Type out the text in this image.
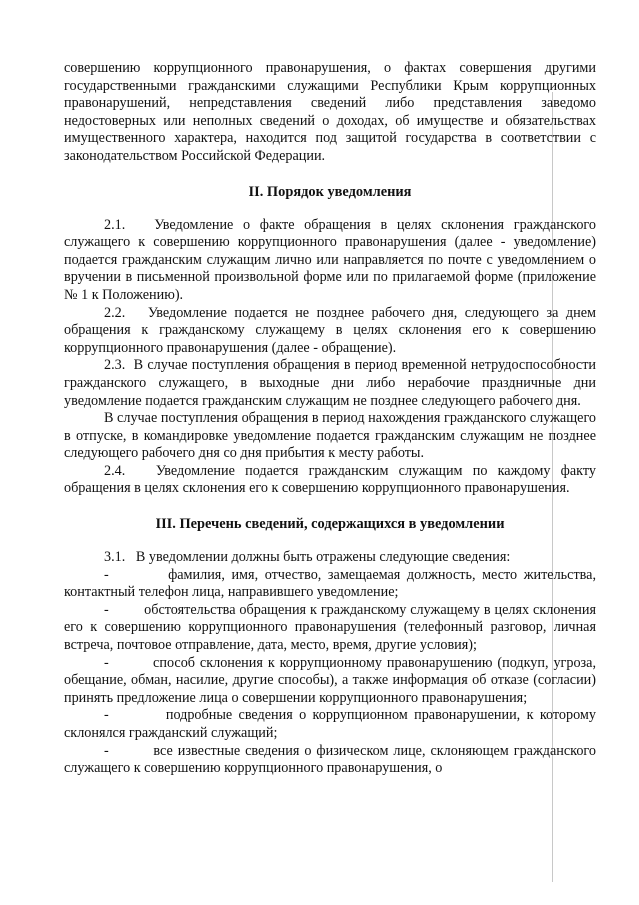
совершению коррупционного правонарушения, о фактах совершения другими государственными гражданскими служащими Республики Крым коррупционных правонарушений, непредставления сведений либо представления заведомо недостоверных или неполных сведений о доходах, об имуществе и обязательствах имущественного характера, находится под защитой государства в соответствии с законодательством Российской Федерации.

II. Порядок уведомления

2.1.   Уведомление о факте обращения в целях склонения гражданского служащего к совершению коррупционного правонарушения (далее - уведомление) подается гражданским служащим лично или направляется по почте с уведомлением о вручении в письменной произвольной форме или по прилагаемой форме (приложение № 1 к Положению).

2.2.   Уведомление подается не позднее рабочего дня, следующего за днем обращения к гражданскому служащему в целях склонения его к совершению коррупционного правонарушения (далее - обращение).

2.3.  В случае поступления обращения в период временной нетрудоспособности гражданского служащего, в выходные дни либо нерабочие праздничные дни уведомление подается гражданским служащим не позднее следующего рабочего дня.

В случае поступления обращения в период нахождения гражданского служащего в отпуске, в командировке уведомление подается гражданским служащим не позднее следующего рабочего дня со дня прибытия к месту работы.

2.4.   Уведомление подается гражданским служащим по каждому факту обращения в целях склонения его к совершению коррупционного правонарушения.

III. Перечень сведений, содержащихся в уведомлении

3.1.   В уведомлении должны быть отражены следующие сведения:

-         фамилия, имя, отчество, замещаемая должность, место жительства, контактный телефон лица, направившего уведомление;

-         обстоятельства обращения к гражданскому служащему в целях склонения его к совершению коррупционного правонарушения (телефонный разговор, личная встреча, почтовое отправление, дата, место, время, другие условия);

-         способ склонения к коррупционному правонарушению (подкуп, угроза, обещание, обман, насилие, другие способы), а также информация об отказе (согласии) принять предложение лица о совершении коррупционного правонарушения;

-         подробные сведения о коррупционном правонарушении, к которому склонялся гражданский служащий;

-         все известные сведения о физическом лице, склоняющем гражданского служащего к совершению коррупционного правонарушения, о
